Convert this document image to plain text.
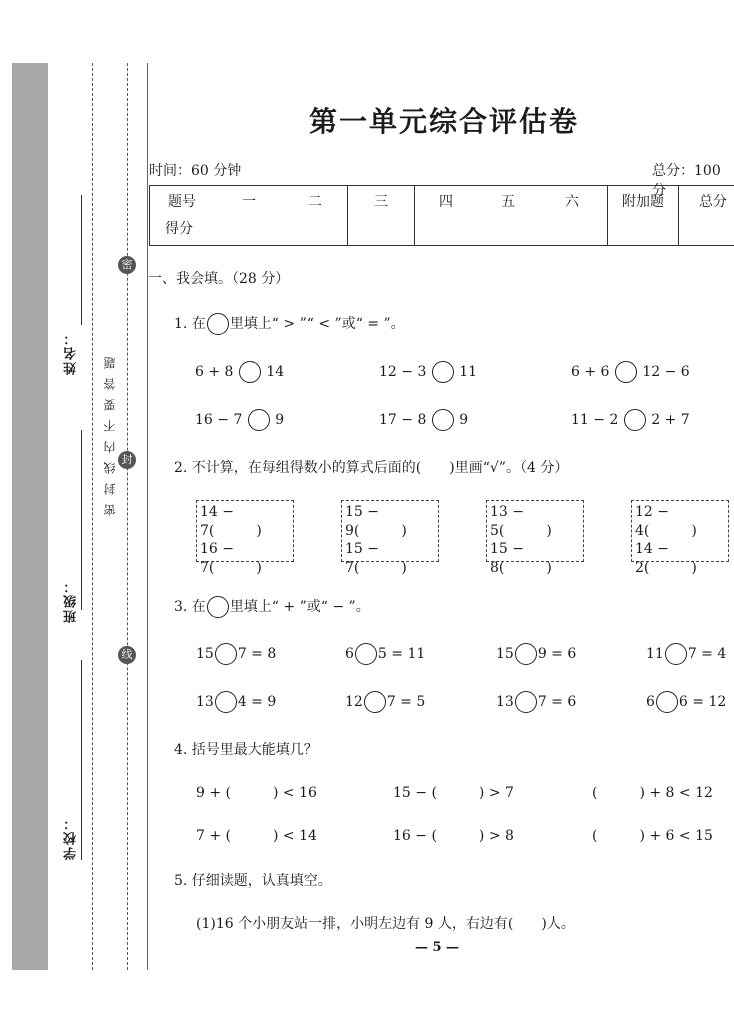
学校：
班级：
姓名： 密封线内不要答题
密
封
线
第一单元综合评估卷
时间：60 分钟	总分：100 分
题号 一 二	三	四 五 六	附加题	总分
得分				
一、我会填。（28 分）
1. 在 里填上“ > ”“ < ”或“ = ”。
6 + 8 14	12 − 3 11	6 + 6 12 − 6
16 − 7 9	17 − 8 9	11 − 2 2 + 7
2. 不计算，在每组得数小的算式后面的(　　)里画“√”。（4 分）
14 − 7(　　　)
16 − 7(　　　)
15 − 9(　　　)
15 − 7(　　　)
13 − 5(　　　)
15 − 8(　　　)
12 − 4(　　　)
14 − 2(　　　)
3. 在 里填上“ + ”或“ − ”。
15 7 = 8	6 5 = 11	15 9 = 6	11 7 = 4
13 4 = 9	12 7 = 5	13 7 = 6	6 6 = 12
4. 括号里最大能填几？
9 + (　　　) < 16	15 − (　　　) > 7	(　　　) + 8 < 12
7 + (　　　) < 14	16 − (　　　) > 8	(　　　) + 6 < 15
5. 仔细读题，认真填空。
(1)16 个小朋友站一排，小明左边有 9 人，右边有(　　)人。
— 5 —
